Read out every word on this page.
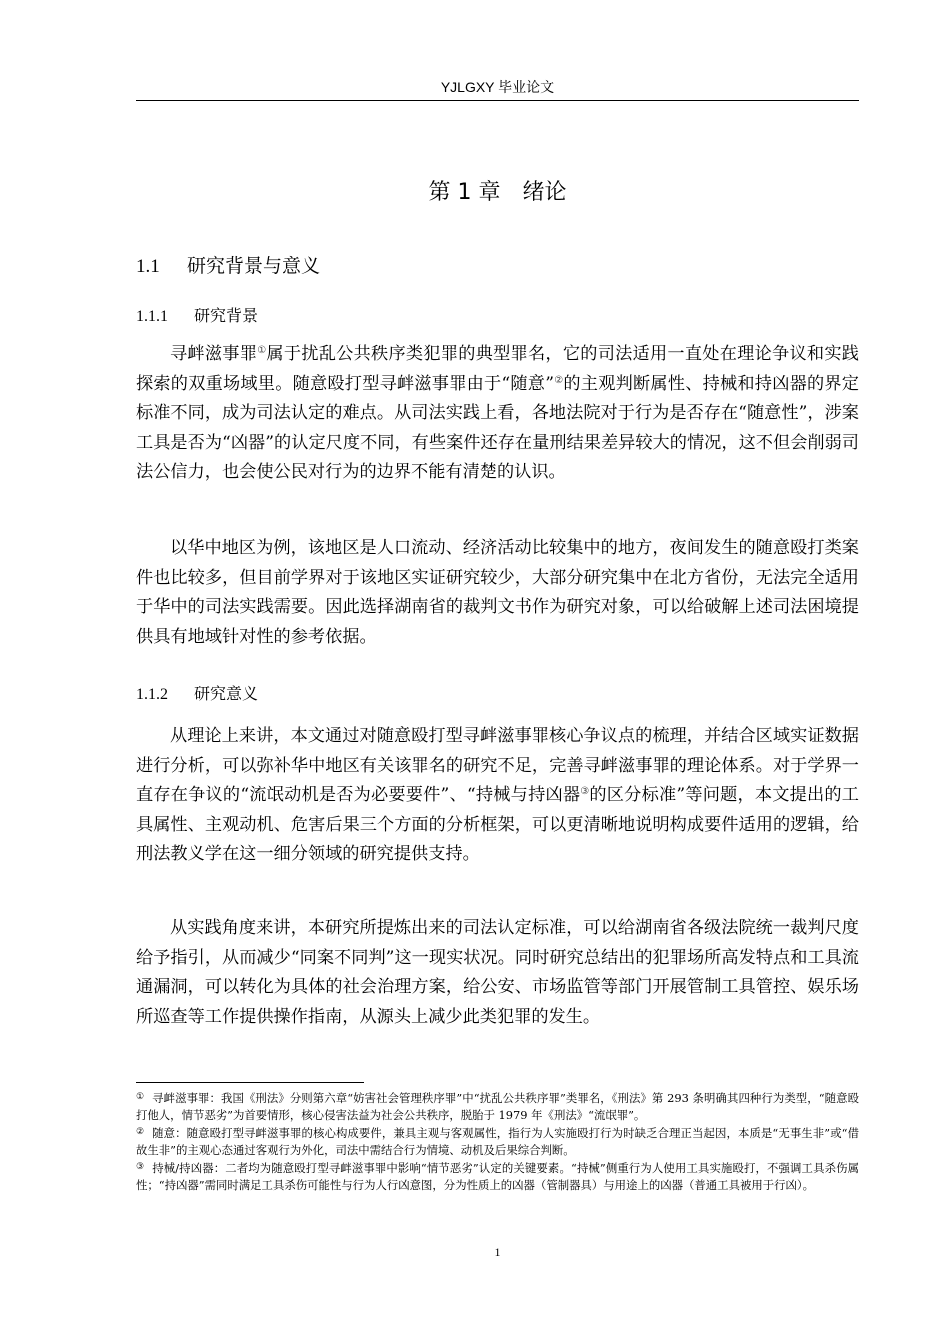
YJLGXY 毕业论文
第 1 章　绪论
1.1 研究背景与意义
1.1.1 研究背景

寻衅滋事罪①属于扰乱公共秩序类犯罪的典型罪名，它的司法适用一直处在理论争议和实践探索的双重场域里。随意殴打型寻衅滋事罪由于“随意”②的主观判断属性、持械和持凶器的界定标准不同，成为司法认定的难点。从司法实践上看，各地法院对于行为是否存在“随意性”，涉案工具是否为“凶器”的认定尺度不同，有些案件还存在量刑结果差异较大的情况，这不但会削弱司法公信力，也会使公民对行为的边界不能有清楚的认识。

以华中地区为例，该地区是人口流动、经济活动比较集中的地方，夜间发生的随意殴打类案件也比较多，但目前学界对于该地区实证研究较少，大部分研究集中在北方省份，无法完全适用于华中的司法实践需要。因此选择湖南省的裁判文书作为研究对象，可以给破解上述司法困境提供具有地域针对性的参考依据。

1.1.2 研究意义

从理论上来讲，本文通过对随意殴打型寻衅滋事罪核心争议点的梳理，并结合区域实证数据进行分析，可以弥补华中地区有关该罪名的研究不足，完善寻衅滋事罪的理论体系。对于学界一直存在争议的“流氓动机是否为必要要件”、“持械与持凶器③的区分标准”等问题，本文提出的工具属性、主观动机、危害后果三个方面的分析框架，可以更清晰地说明构成要件适用的逻辑，给刑法教义学在这一细分领域的研究提供支持。

从实践角度来讲，本研究所提炼出来的司法认定标准，可以给湖南省各级法院统一裁判尺度给予指引，从而减少“同案不同判”这一现实状况。同时研究总结出的犯罪场所高发特点和工具流通漏洞，可以转化为具体的社会治理方案，给公安、市场监管等部门开展管制工具管控、娱乐场所巡查等工作提供操作指南，从源头上减少此类犯罪的发生。

① 寻衅滋事罪：我国《刑法》分则第六章“妨害社会管理秩序罪”中“扰乱公共秩序罪”类罪名，《刑法》第 293 条明确其四种行为类型，“随意殴打他人，情节恶劣”为首要情形，核心侵害法益为社会公共秩序，脱胎于 1979 年《刑法》“流氓罪”。

② 随意：随意殴打型寻衅滋事罪的核心构成要件，兼具主观与客观属性，指行为人实施殴打行为时缺乏合理正当起因，本质是“无事生非”或“借故生非”的主观心态通过客观行为外化，司法中需结合行为情境、动机及后果综合判断。

③ 持械/持凶器：二者均为随意殴打型寻衅滋事罪中影响“情节恶劣”认定的关键要素。“持械”侧重行为人使用工具实施殴打，不强调工具杀伤属性；“持凶器”需同时满足工具杀伤可能性与行为人行凶意图，分为性质上的凶器（管制器具）与用途上的凶器（普通工具被用于行凶）。

1
